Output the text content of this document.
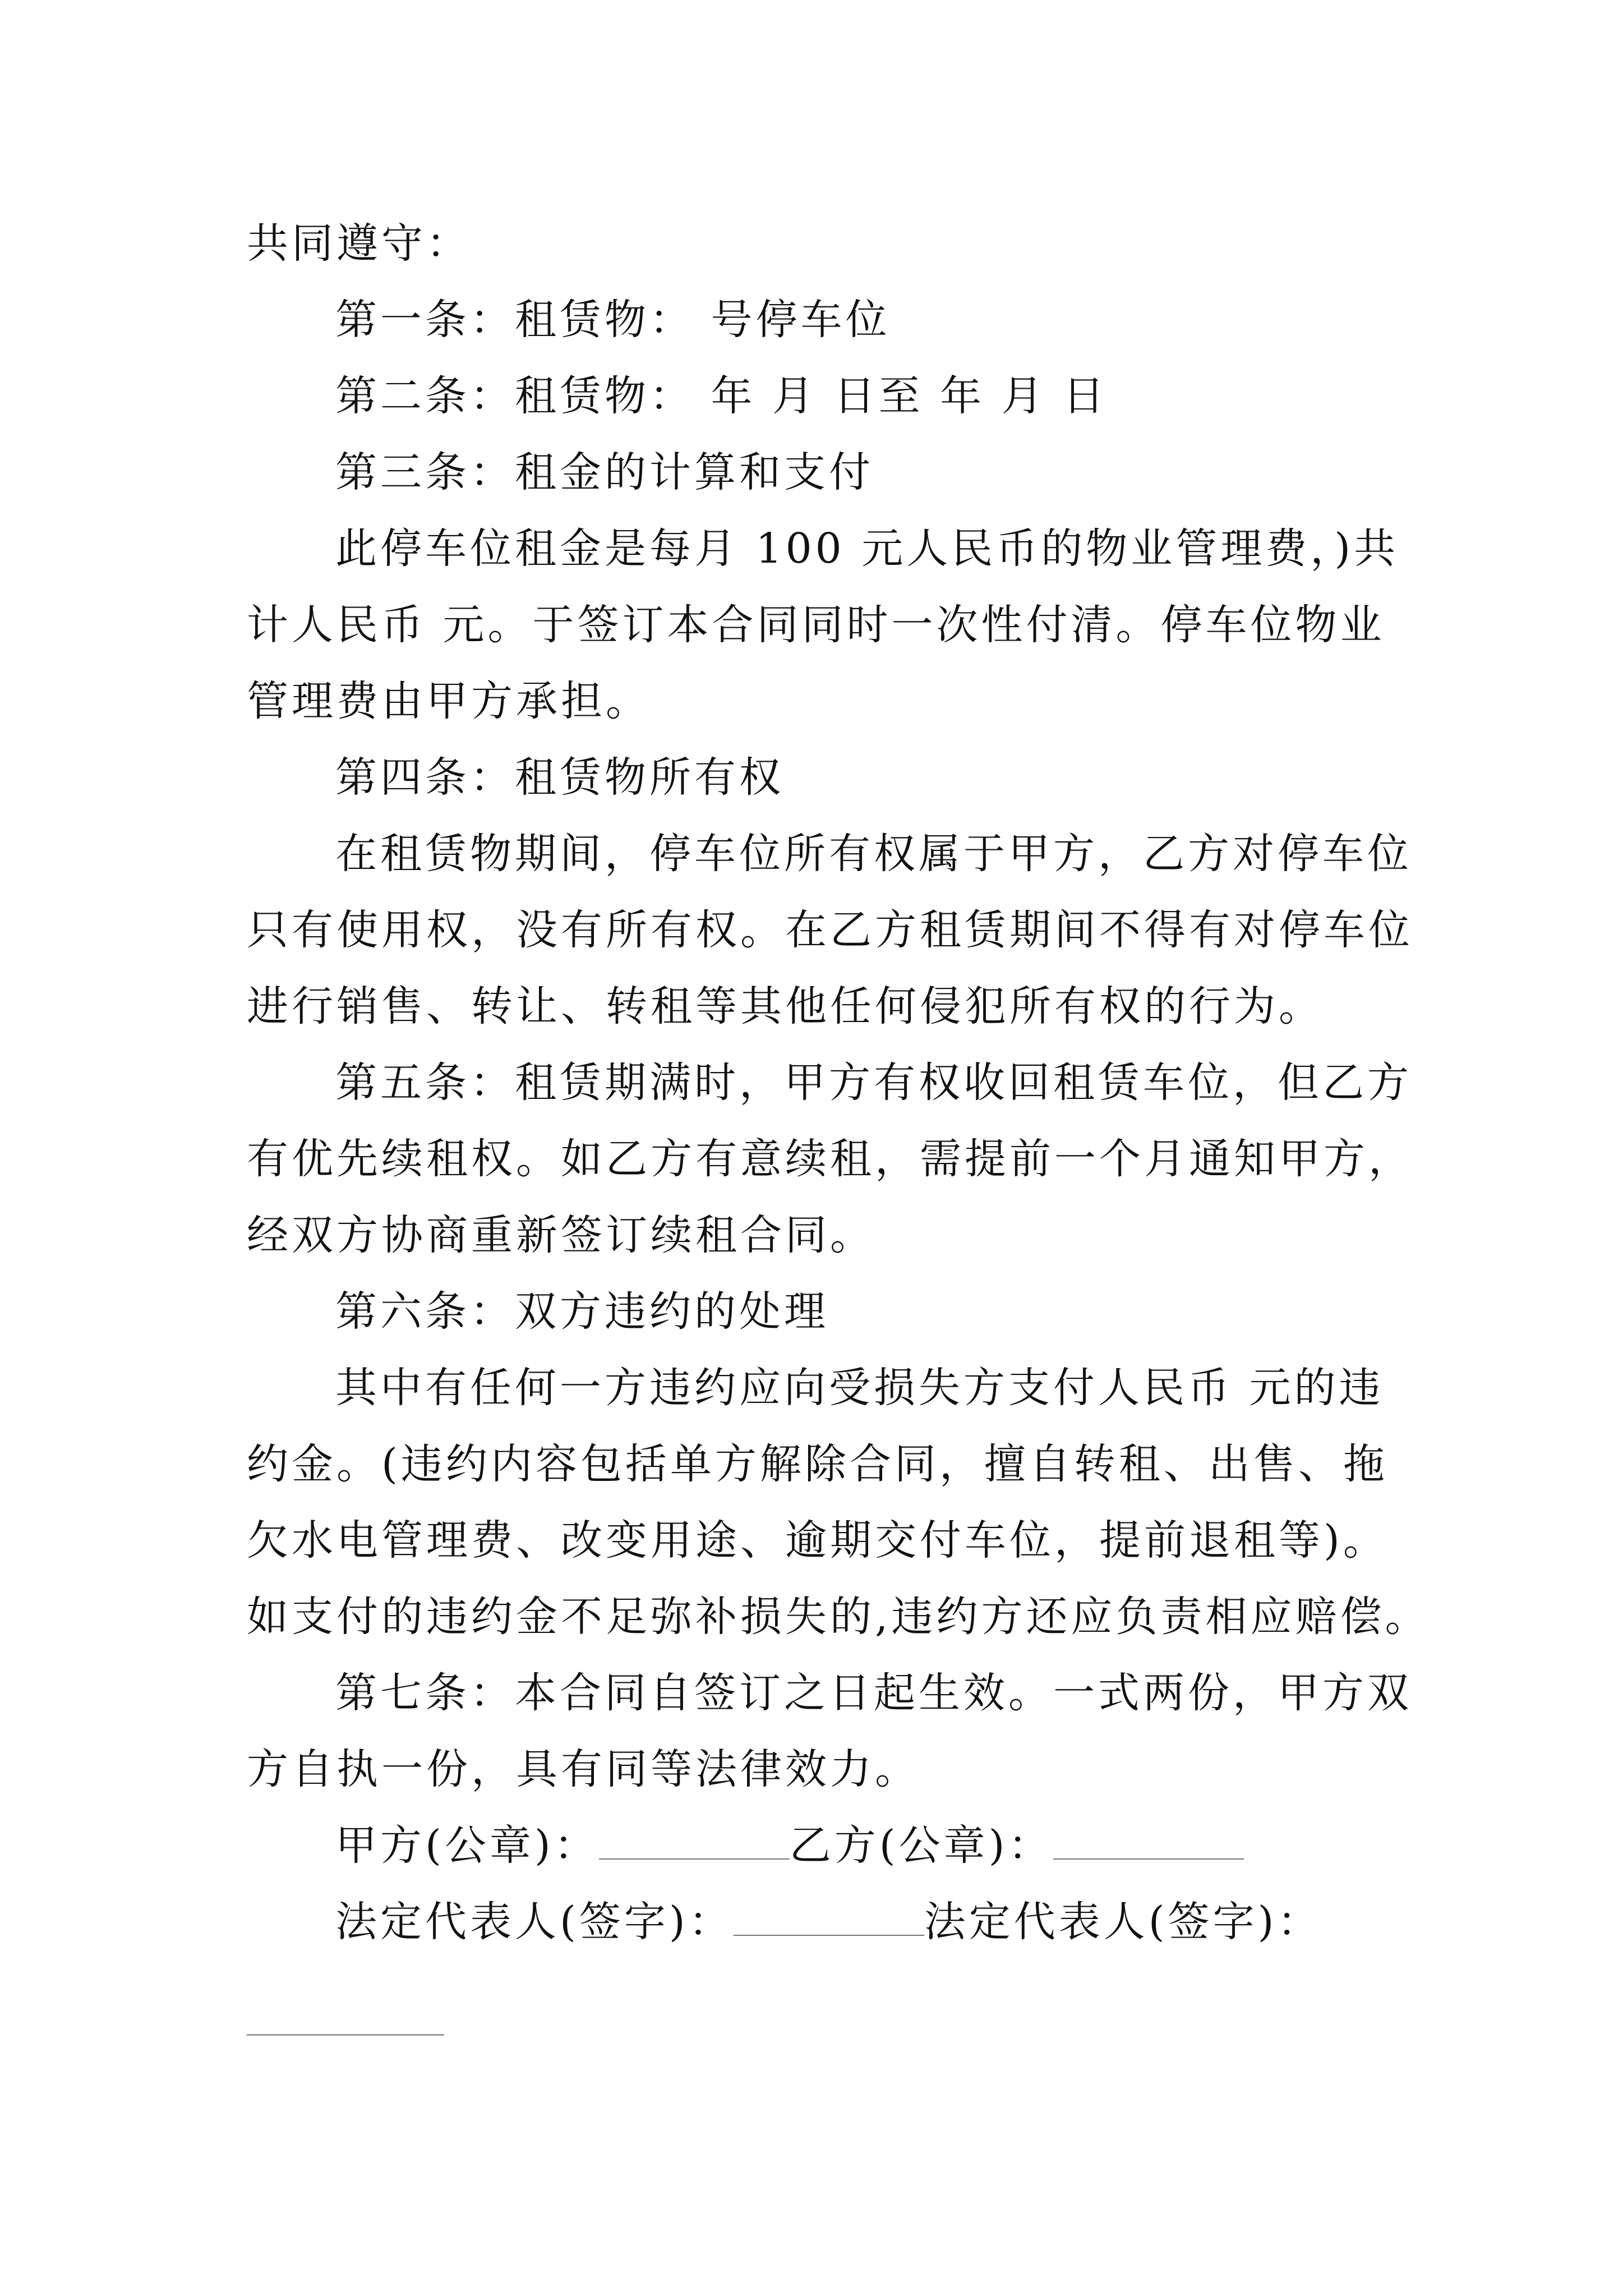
共同遵守：
第一条：租赁物： 号停车位
第二条：租赁物： 年 月 日至 年 月 日
第三条：租金的计算和支付
此停车位租金是每月 100 元人民币的物业管理费，)共
计人民币 元。于签订本合同同时一次性付清。停车位物业
管理费由甲方承担。
第四条：租赁物所有权
在租赁物期间，停车位所有权属于甲方，乙方对停车位
只有使用权，没有所有权。在乙方租赁期间不得有对停车位
进行销售、转让、转租等其他任何侵犯所有权的行为。
第五条：租赁期满时，甲方有权收回租赁车位，但乙方
有优先续租权。如乙方有意续租，需提前一个月通知甲方，
经双方协商重新签订续租合同。
第六条：双方违约的处理
其中有任何一方违约应向受损失方支付人民币 元的违
约金。(违约内容包括单方解除合同，擅自转租、出售、拖
欠水电管理费、改变用途、逾期交付车位，提前退租等)。
如支付的违约金不足弥补损失的,违约方还应负责相应赔偿。
第七条：本合同自签订之日起生效。一式两份，甲方双
方自执一份，具有同等法律效力。
甲方(公章)：	乙方(公章)：
法定代表人(签字)：	法定代表人(签字)：
